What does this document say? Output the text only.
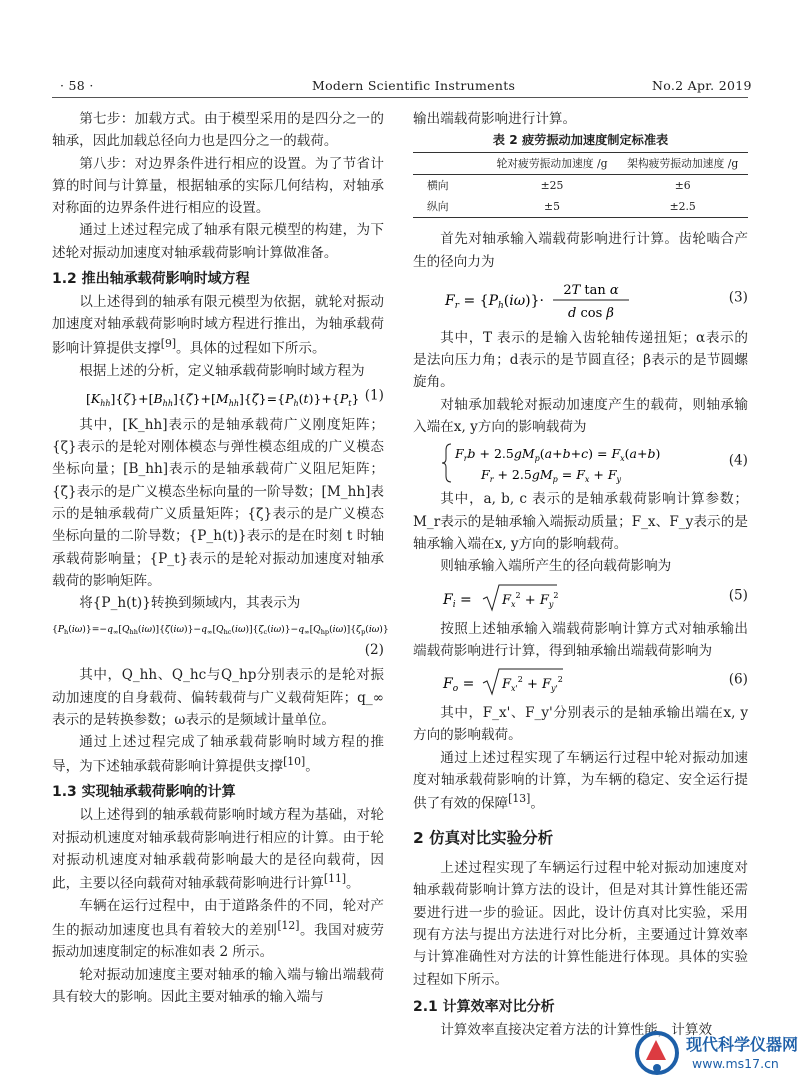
· 58 ·	Modern Scientific Instruments	No.2 Apr. 2019

第七步：加载方式。由于模型采用的是四分之一的轴承，因此加载总径向力也是四分之一的载荷。

第八步：对边界条件进行相应的设置。为了节省计算的时间与计算量，根据轴承的实际几何结构，对轴承对称面的边界条件进行相应的设置。

通过上述过程完成了轴承有限元模型的构建，为下述轮对振动加速度对轴承载荷影响计算做准备。

1.2 推出轴承载荷影响时域方程

以上述得到的轴承有限元模型为依据，就轮对振动加速度对轴承载荷影响时域方程进行推出，为轴承载荷影响计算提供支撑[9]。具体的过程如下所示。

根据上述的分析，定义轴承载荷影响时域方程为

$[K_{hh}]\{\zeta\}+[B_{hh}]\{\zetȧ\}+[M_{hh}]\{\zetä\}=\{P_h(t)\}+\{P_t\}$ (1)

其中，[K_hh]表示的是轴承载荷广义刚度矩阵；{ζ}表示的是轮对刚体模态与弹性模态组成的广义模态坐标向量；[B_hh]表示的是轴承载荷广义阻尼矩阵；{ζ̇}表示的是广义模态坐标向量的一阶导数；[M_hh]表示的是轴承载荷广义质量矩阵；{ζ̈}表示的是广义模态坐标向量的二阶导数；{P_h(t)}表示的是在时刻 t 时轴承载荷影响量；{P_t}表示的是轮对振动加速度对轴承载荷的影响矩阵。

将{P_h(t)}转换到频域内，其表示为

$\{P_h(i\omega)\}=-q_\infty[Q_{hh}(i\omega)]\{\zeta(i\omega)\}-q_\infty[Q_{hc}(i\omega)]\{\zeta_c(i\omega)\}-q_\infty[Q_{hp}(i\omega)]\{\zeta_p(i\omega)\}$
(2)

其中，Q_hh、Q_hc与Q_hp分别表示的是轮对振动加速度的自身载荷、偏转载荷与广义载荷矩阵；q_∞表示的是转换参数；ω表示的是频域计量单位。

通过上述过程完成了轴承载荷影响时域方程的推导，为下述轴承载荷影响计算提供支撑[10]。

1.3 实现轴承载荷影响的计算

以上述得到的轴承载荷影响时域方程为基础，对轮对振动机速度对轴承载荷影响进行相应的计算。由于轮对振动机速度对轴承载荷影响最大的是径向载荷，因此，主要以径向载荷对轴承载荷影响进行计算[11]。

车辆在运行过程中，由于道路条件的不同，轮对产生的振动加速度也具有着较大的差别[12]。我国对疲劳振动加速度制定的标准如表 2 所示。

轮对振动加速度主要对轴承的输入端与输出端载荷具有较大的影响。因此主要对轴承的输入端与

输出端载荷影响进行计算。

表 2 疲劳振动加速度制定标准表
	轮对疲劳振动加速度 /g	架构疲劳振动加速度 /g
横向	±25	±6
纵向	±5	±2.5

首先对轴承输入端载荷影响进行计算。齿轮啮合产生的径向力为

$F_r = \{P_h(i\omega)\}\cdot$
2T tan α
d cos β
(3)

其中，T 表示的是输入齿轮轴传递扭矩；α表示的是法向压力角；d表示的是节圆直径；β表示的是节圆螺旋角。

对轴承加载轮对振动加速度产生的载荷，则轴承输入端在x, y方向的影响载荷为

$F_rb + 2.5gM_p(a+b+c) = F_x(a+b)$
$F_r + 2.5gM_p = F_x + F_y$
(4)

其中，a, b, c 表示的是轴承载荷影响计算参数；M_r表示的是轴承输入端振动质量；F_x、F_y表示的是轴承输入端在x, y方向的影响载荷。

则轴承输入端所产生的径向载荷影响为

$F_i = F_x^2 + F_y^2$	(5)

按照上述轴承输入端载荷影响计算方式对轴承输出端载荷影响进行计算，得到轴承输出端载荷影响为

$F_o = F_{x'}^2 + F_{y'}^2$	(6)

其中，F_x'、F_y'分别表示的是轴承输出端在x, y方向的影响载荷。

通过上述过程实现了车辆运行过程中轮对振动加速度对轴承载荷影响的计算，为车辆的稳定、安全运行提供了有效的保障[13]。

2 仿真对比实验分析

上述过程实现了车辆运行过程中轮对振动加速度对轴承载荷影响计算方法的设计，但是对其计算性能还需要进行进一步的验证。因此，设计仿真对比实验，采用现有方法与提出方法进行对比分析，主要通过计算效率与计算准确性对方法的计算性能进行体现。具体的实验过程如下所示。

2.1 计算效率对比分析

计算效率直接决定着方法的计算性能，计算效

现代科学仪器网
www.ms17.cn
